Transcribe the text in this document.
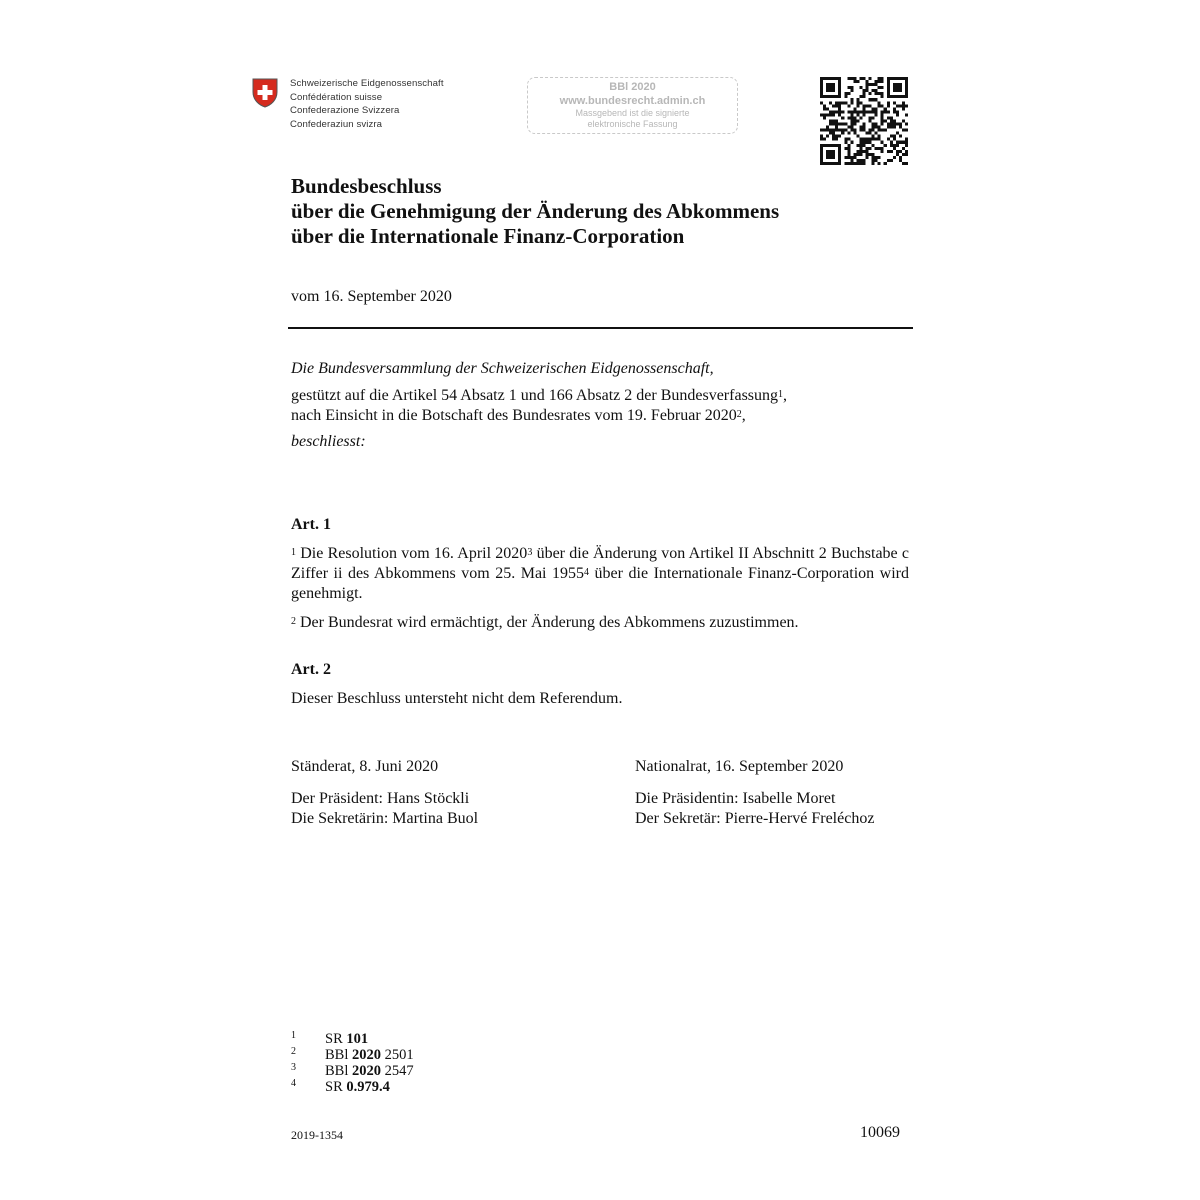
Schweizerische Eidgenossenschaft
Confédération suisse
Confederazione Svizzera
Confederaziun svizra
BBl 2020
www.bundesrecht.admin.ch
Massgebend ist die signierte
elektronische Fassung
Bundesbeschluss
über die Genehmigung der Änderung des Abkommens
über die Internationale Finanz-Corporation
vom 16. September 2020
Die Bundesversammlung der Schweizerischen Eidgenossenschaft,
gestützt auf die Artikel 54 Absatz 1 und 166 Absatz 2 der Bundesverfassung$^1$,
nach Einsicht in die Botschaft des Bundesrates vom 19. Februar 2020$^2$,
beschliesst:
Art. 1
$^1$ Die Resolution vom 16. April 2020$^3$ über die Änderung von Artikel II Abschnitt 2 Buchstabe c Ziffer ii des Abkommens vom 25. Mai 1955$^4$ über die Internationale Finanz-Corporation wird genehmigt.
$^2$ Der Bundesrat wird ermächtigt, der Änderung des Abkommens zuzustimmen.
Art. 2
Dieser Beschluss untersteht nicht dem Referendum.
Ständerat, 8. Juni 2020
Der Präsident: Hans Stöckli
Die Sekretärin: Martina Buol
Nationalrat, 16. September 2020
Die Präsidentin: Isabelle Moret
Der Sekretär: Pierre-Hervé Freléchoz
1 SR 101
2 BBl 2020 2501
3 BBl 2020 2547
4 SR 0.979.4
2019-1354	10069
